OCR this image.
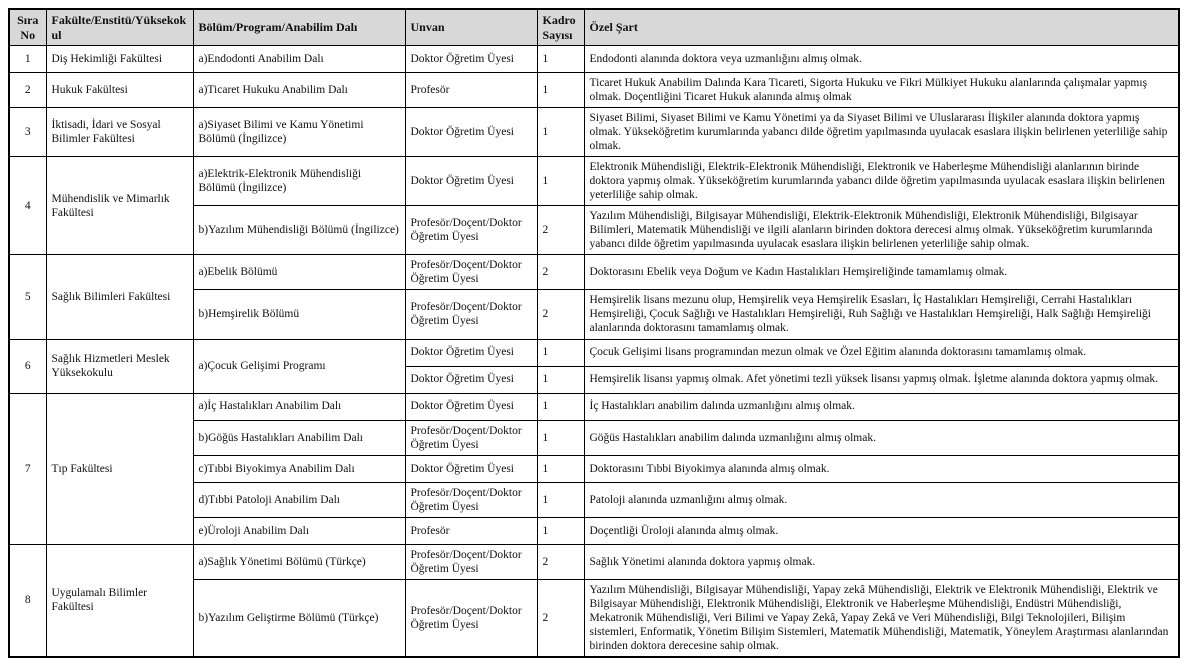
Sıra No	Fakülte/Enstitü/Yüksekokul	Bölüm/Program/Anabilim Dalı	Unvan	Kadro Sayısı	Özel Şart
1	Diş Hekimliği Fakültesi	a)Endodonti Anabilim Dalı	Doktor Öğretim Üyesi	1	Endodonti alanında doktora veya uzmanlığını almış olmak.
2	Hukuk Fakültesi	a)Ticaret Hukuku Anabilim Dalı	Profesör	1	Ticaret Hukuk Anabilim Dalında Kara Ticareti, Sigorta Hukuku ve Fikri Mülkiyet Hukuku alanlarında çalışmalar yapmış olmak. Doçentliğini Ticaret Hukuk alanında almış olmak
3	İktisadi, İdari ve Sosyal Bilimler Fakültesi	a)Siyaset Bilimi ve Kamu Yönetimi Bölümü (İngilizce)	Doktor Öğretim Üyesi	1	Siyaset Bilimi, Siyaset Bilimi ve Kamu Yönetimi ya da Siyaset Bilimi ve Uluslararası İlişkiler alanında doktora yapmış olmak. Yükseköğretim kurumlarında yabancı dilde öğretim yapılmasında uyulacak esaslara ilişkin belirlenen yeterliliğe sahip olmak.
4	Mühendislik ve Mimarlık Fakültesi	a)Elektrik-Elektronik Mühendisliği Bölümü (İngilizce)	Doktor Öğretim Üyesi	1	Elektronik Mühendisliği, Elektrik-Elektronik Mühendisliği, Elektronik ve Haberleşme Mühendisliği alanlarının birinde doktora yapmış olmak. Yükseköğretim kurumlarında yabancı dilde öğretim yapılmasında uyulacak esaslara ilişkin belirlenen yeterliliğe sahip olmak.
		b)Yazılım Mühendisliği Bölümü (İngilizce)	Profesör/Doçent/Doktor Öğretim Üyesi	2	Yazılım Mühendisliği, Bilgisayar Mühendisliği, Elektrik-Elektronik Mühendisliği, Elektronik Mühendisliği, Bilgisayar Bilimleri, Matematik Mühendisliği ve ilgili alanların birinden doktora derecesi almış olmak. Yükseköğretim kurumlarında yabancı dilde öğretim yapılmasında uyulacak esaslara ilişkin belirlenen yeterliliğe sahip olmak.
5	Sağlık Bilimleri Fakültesi	a)Ebelik Bölümü	Profesör/Doçent/Doktor Öğretim Üyesi	2	Doktorasını Ebelik veya Doğum ve Kadın Hastalıkları Hemşireliğinde tamamlamış olmak.
		b)Hemşirelik Bölümü	Profesör/Doçent/Doktor Öğretim Üyesi	2	Hemşirelik lisans mezunu olup, Hemşirelik veya Hemşirelik Esasları, İç Hastalıkları Hemşireliği, Cerrahi Hastalıkları Hemşireliği, Çocuk Sağlığı ve Hastalıkları Hemşireliği, Ruh Sağlığı ve Hastalıkları Hemşireliği, Halk Sağlığı Hemşireliği alanlarında doktorasını tamamlamış olmak.
6	Sağlık Hizmetleri Meslek Yüksekokulu	a)Çocuk Gelişimi Programı	Doktor Öğretim Üyesi	1	Çocuk Gelişimi lisans programından mezun olmak ve Özel Eğitim alanında doktorasını tamamlamış olmak.
			Doktor Öğretim Üyesi	1	Hemşirelik lisansı yapmış olmak. Afet yönetimi tezli yüksek lisansı yapmış olmak. İşletme alanında doktora yapmış olmak.
7	Tıp Fakültesi	a)İç Hastalıkları Anabilim Dalı	Doktor Öğretim Üyesi	1	İç Hastalıkları anabilim dalında uzmanlığını almış olmak.
		b)Göğüs Hastalıkları Anabilim Dalı	Profesör/Doçent/Doktor Öğretim Üyesi	1	Göğüs Hastalıkları anabilim dalında uzmanlığını almış olmak.
		c)Tıbbi Biyokimya Anabilim Dalı	Doktor Öğretim Üyesi	1	Doktorasını Tıbbi Biyokimya alanında almış olmak.
		d)Tıbbi Patoloji Anabilim Dalı	Profesör/Doçent/Doktor Öğretim Üyesi	1	Patoloji alanında uzmanlığını almış olmak.
		e)Üroloji Anabilim Dalı	Profesör	1	Doçentliği Üroloji alanında almış olmak.
8	Uygulamalı Bilimler Fakültesi	a)Sağlık Yönetimi Bölümü (Türkçe)	Profesör/Doçent/Doktor Öğretim Üyesi	2	Sağlık Yönetimi alanında doktora yapmış olmak.
		b)Yazılım Geliştirme Bölümü (Türkçe)	Profesör/Doçent/Doktor Öğretim Üyesi	2	Yazılım Mühendisliği, Bilgisayar Mühendisliği, Yapay zekâ Mühendisliği, Elektrik ve Elektronik Mühendisliği, Elektrik ve Bilgisayar Mühendisliği, Elektronik Mühendisliği, Elektronik ve Haberleşme Mühendisliği, Endüstri Mühendisliği, Mekatronik Mühendisliği, Veri Bilimi ve Yapay Zekâ, Yapay Zekâ ve Veri Mühendisliği, Bilgi Teknolojileri, Bilişim sistemleri, Enformatik, Yönetim Bilişim Sistemleri, Matematik Mühendisliği, Matematik, Yöneylem Araştırması alanlarından birinden doktora derecesine sahip olmak.
